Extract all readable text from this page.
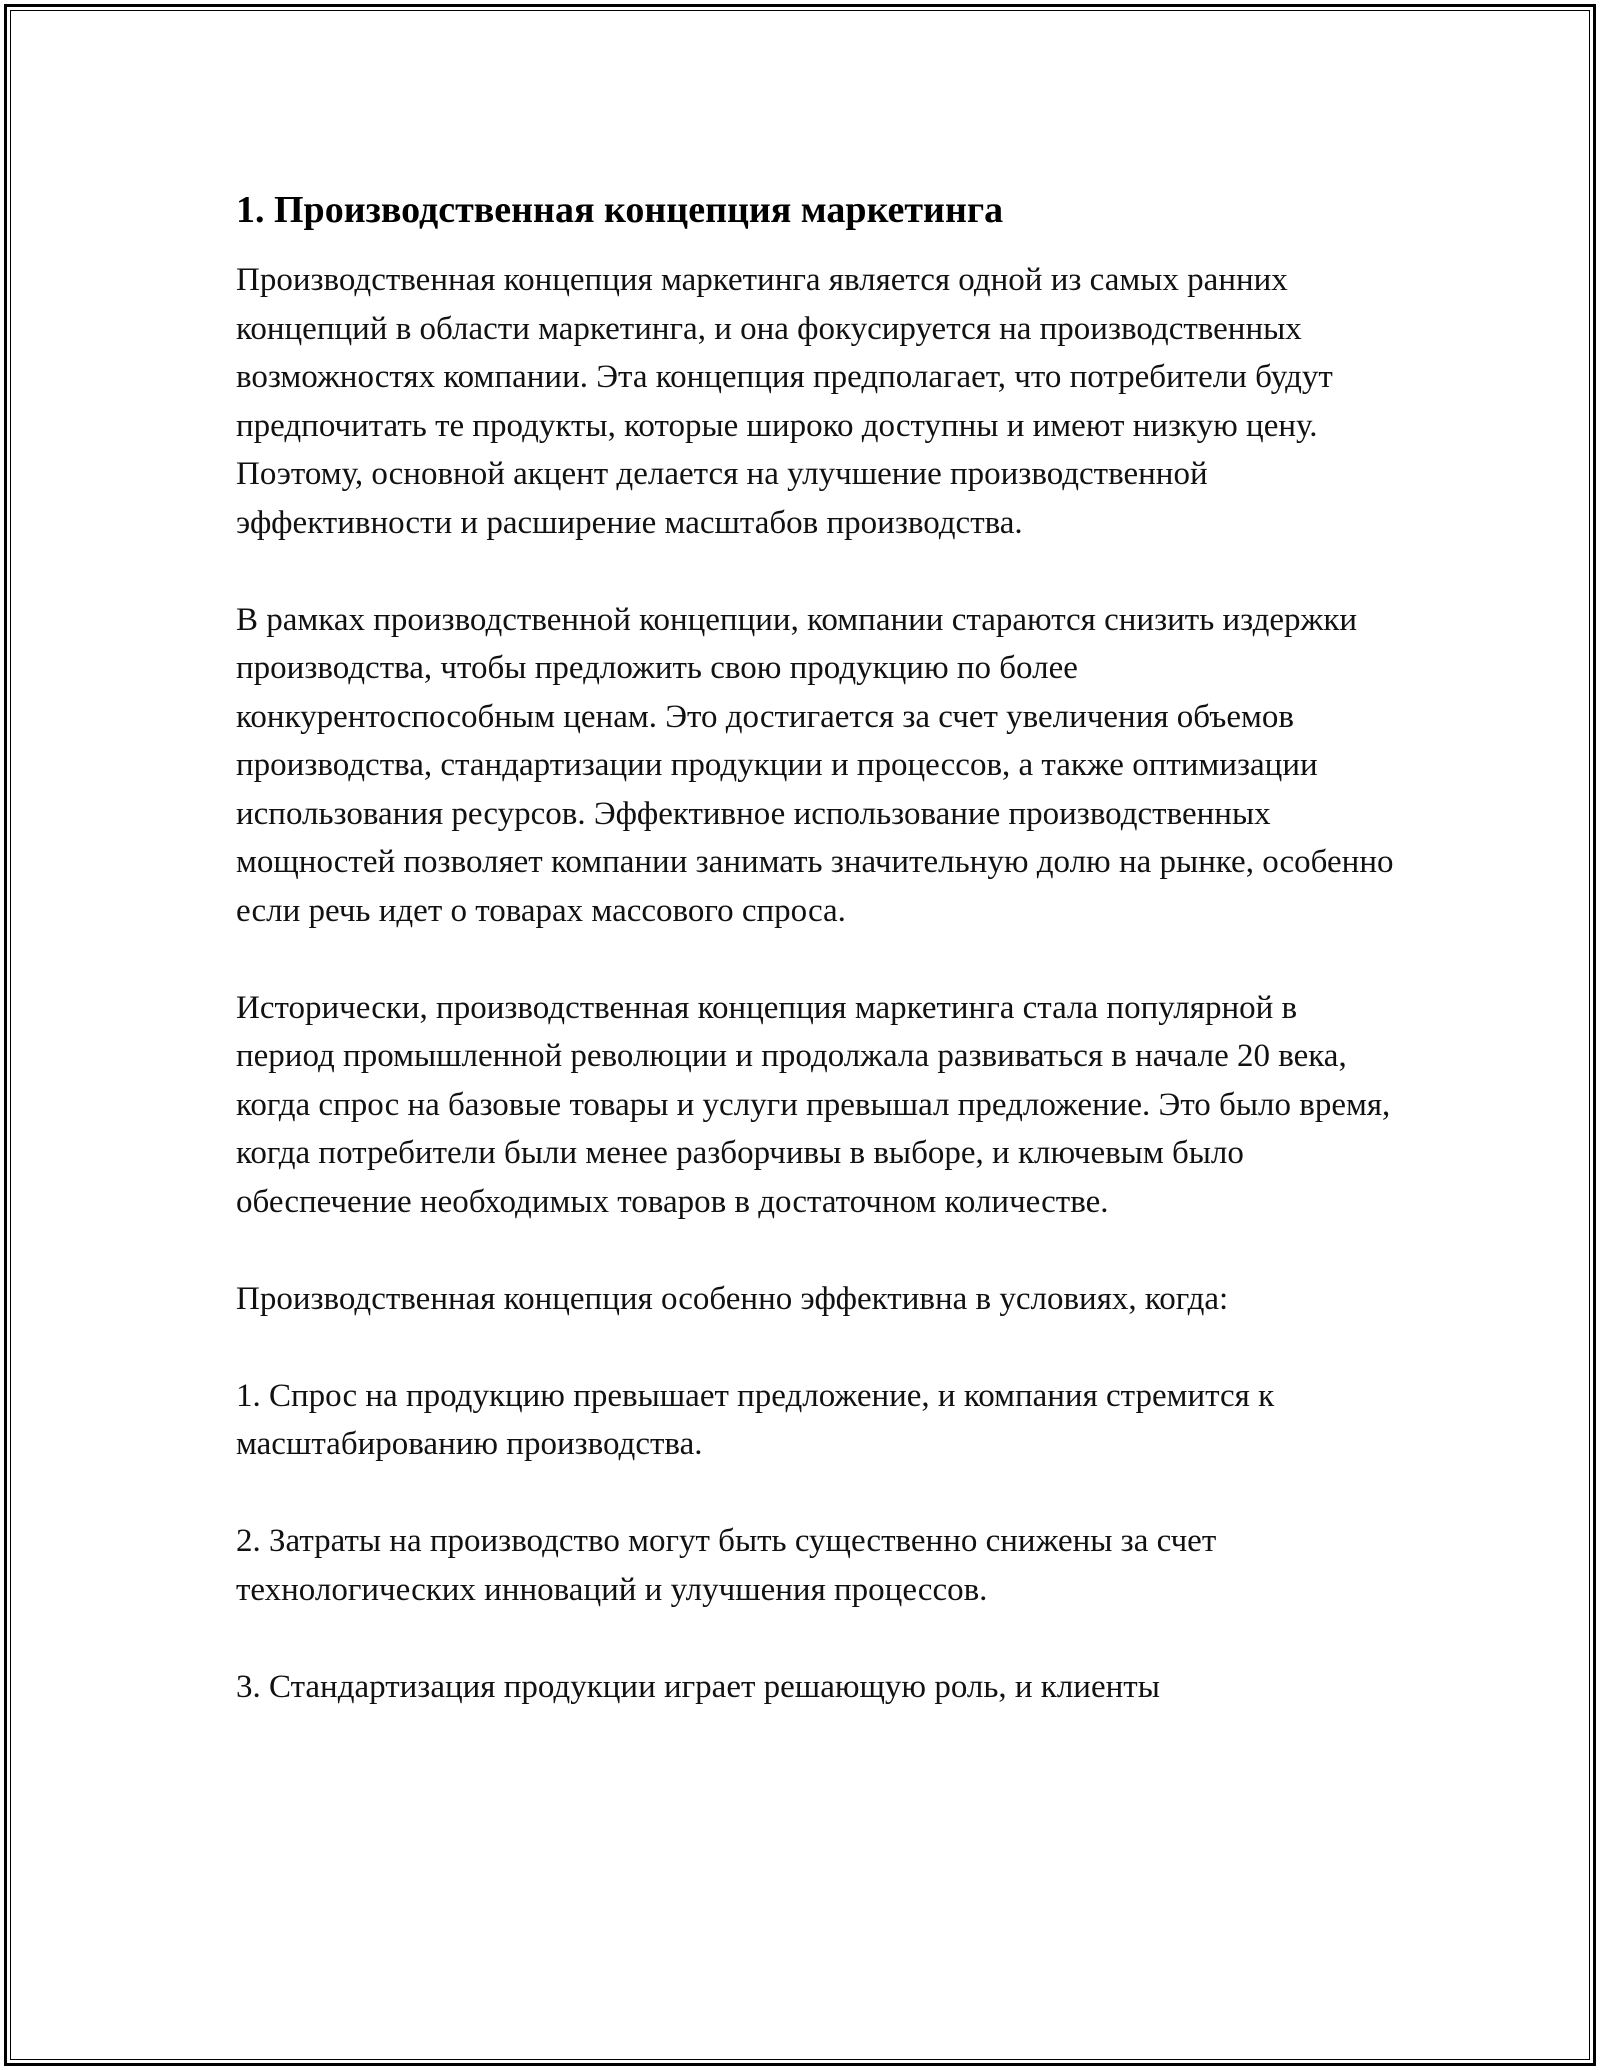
1. Производственная концепция маркетинга

Производственная концепция маркетинга является одной из самых ранних концепций в области маркетинга, и она фокусируется на производственных возможностях компании. Эта концепция предполагает, что потребители будут предпочитать те продукты, которые широко доступны и имеют низкую цену. Поэтому, основной акцент делается на улучшение производственной эффективности и расширение масштабов производства.

В рамках производственной концепции, компании стараются снизить издержки производства, чтобы предложить свою продукцию по более конкурентоспособным ценам. Это достигается за счет увеличения объемов производства, стандартизации продукции и процессов, а также оптимизации использования ресурсов. Эффективное использование производственных мощностей позволяет компании занимать значительную долю на рынке, особенно если речь идет о товарах массового спроса.

Исторически, производственная концепция маркетинга стала популярной в период промышленной революции и продолжала развиваться в начале 20 века, когда спрос на базовые товары и услуги превышал предложение. Это было время, когда потребители были менее разборчивы в выборе, и ключевым было обеспечение необходимых товаров в достаточном количестве.

Производственная концепция особенно эффективна в условиях, когда:

1. Спрос на продукцию превышает предложение, и компания стремится к масштабированию производства.

2. Затраты на производство могут быть существенно снижены за счет технологических инноваций и улучшения процессов.

3. Стандартизация продукции играет решающую роль, и клиенты
